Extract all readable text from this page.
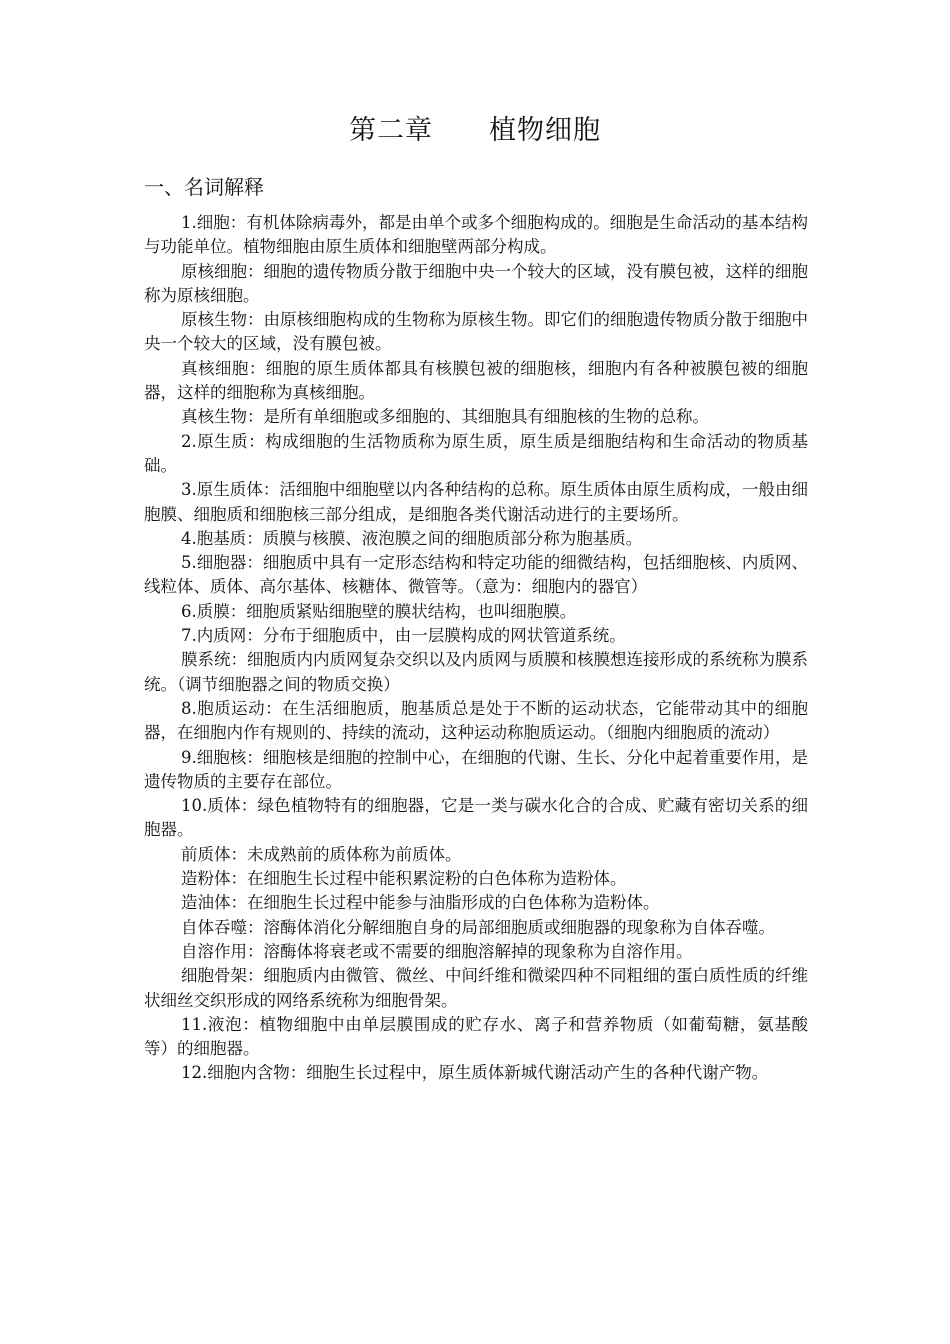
第二章　　植物细胞
一、名词解释

1.细胞：有机体除病毒外，都是由单个或多个细胞构成的。细胞是生命活动的基本结构与功能单位。植物细胞由原生质体和细胞壁两部分构成。

原核细胞：细胞的遗传物质分散于细胞中央一个较大的区域，没有膜包被，这样的细胞称为原核细胞。

原核生物：由原核细胞构成的生物称为原核生物。即它们的细胞遗传物质分散于细胞中央一个较大的区域，没有膜包被。

真核细胞：细胞的原生质体都具有核膜包被的细胞核，细胞内有各种被膜包被的细胞器，这样的细胞称为真核细胞。

真核生物：是所有单细胞或多细胞的、其细胞具有细胞核的生物的总称。

2.原生质：构成细胞的生活物质称为原生质，原生质是细胞结构和生命活动的物质基础。

3.原生质体：活细胞中细胞壁以内各种结构的总称。原生质体由原生质构成，一般由细胞膜、细胞质和细胞核三部分组成，是细胞各类代谢活动进行的主要场所。

4.胞基质：质膜与核膜、液泡膜之间的细胞质部分称为胞基质。

5.细胞器：细胞质中具有一定形态结构和特定功能的细微结构，包括细胞核、内质网、线粒体、质体、高尔基体、核糖体、微管等。（意为：细胞内的器官）

6.质膜：细胞质紧贴细胞壁的膜状结构，也叫细胞膜。

7.内质网：分布于细胞质中，由一层膜构成的网状管道系统。

膜系统：细胞质内内质网复杂交织以及内质网与质膜和核膜想连接形成的系统称为膜系统。（调节细胞器之间的物质交换）

8.胞质运动：在生活细胞质，胞基质总是处于不断的运动状态，它能带动其中的细胞器，在细胞内作有规则的、持续的流动，这种运动称胞质运动。（细胞内细胞质的流动）

9.细胞核：细胞核是细胞的控制中心，在细胞的代谢、生长、分化中起着重要作用，是遗传物质的主要存在部位。

10.质体：绿色植物特有的细胞器，它是一类与碳水化合的合成、贮藏有密切关系的细胞器。

前质体：未成熟前的质体称为前质体。

造粉体：在细胞生长过程中能积累淀粉的白色体称为造粉体。

造油体：在细胞生长过程中能参与油脂形成的白色体称为造粉体。

自体吞噬：溶酶体消化分解细胞自身的局部细胞质或细胞器的现象称为自体吞噬。

自溶作用：溶酶体将衰老或不需要的细胞溶解掉的现象称为自溶作用。

细胞骨架：细胞质内由微管、微丝、中间纤维和微梁四种不同粗细的蛋白质性质的纤维状细丝交织形成的网络系统称为细胞骨架。

11.液泡：植物细胞中由单层膜围成的贮存水、离子和营养物质（如葡萄糖，氨基酸等）的细胞器。

12.细胞内含物：细胞生长过程中，原生质体新城代谢活动产生的各种代谢产物。
